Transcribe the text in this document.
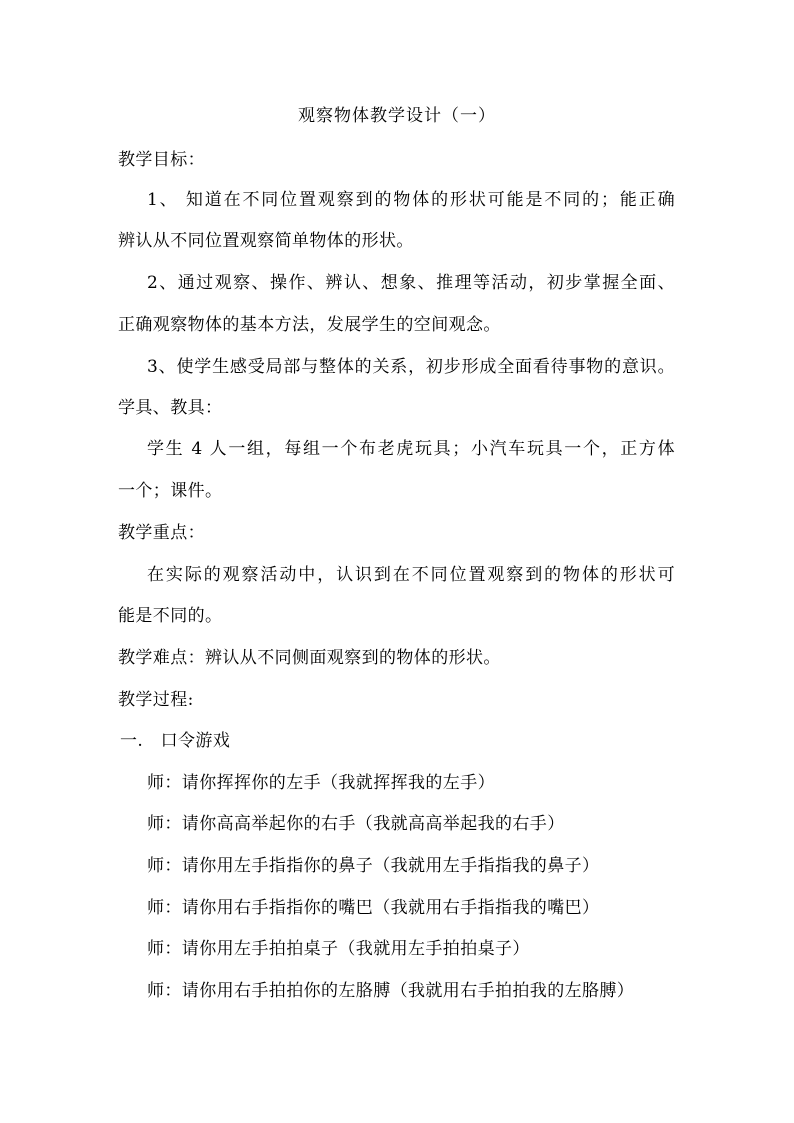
观察物体教学设计（一）
教学目标：
1、 知道在不同位置观察到的物体的形状可能是不同的；能正确
辨认从不同位置观察简单物体的形状。
2、通过观察、操作、辨认、想象、推理等活动，初步掌握全面、
正确观察物体的基本方法，发展学生的空间观念。
3、使学生感受局部与整体的关系，初步形成全面看待事物的意识。
学具、教具：
学生 4 人一组，每组一个布老虎玩具；小汽车玩具一个，正方体
一个；课件。
教学重点：
在实际的观察活动中，认识到在不同位置观察到的物体的形状可
能是不同的。
教学难点：辨认从不同侧面观察到的物体的形状。
教学过程:
一.   口令游戏
师：请你挥挥你的左手（我就挥挥我的左手）
师：请你高高举起你的右手（我就高高举起我的右手）
师：请你用左手指指你的鼻子（我就用左手指指我的鼻子）
师：请你用右手指指你的嘴巴（我就用右手指指我的嘴巴）
师：请你用左手拍拍桌子（我就用左手拍拍桌子）
师：请你用右手拍拍你的左胳膊（我就用右手拍拍我的左胳膊）
